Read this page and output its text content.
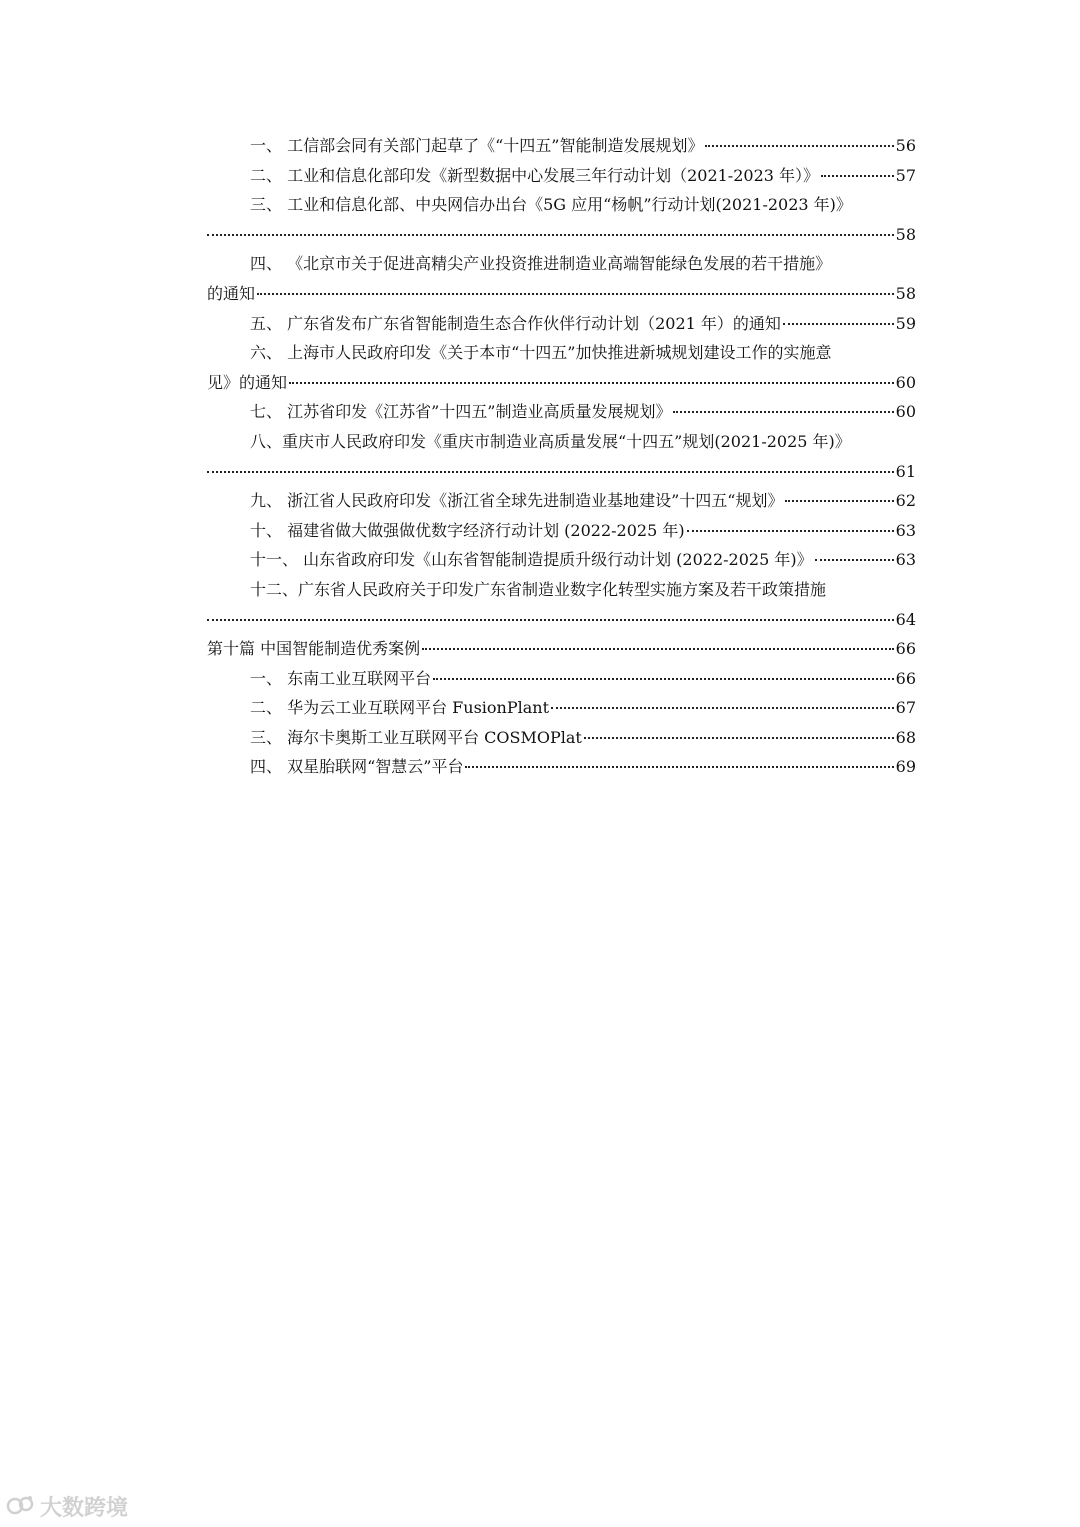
一、 工信部会同有关部门起草了《“十四五”智能制造发展规划》	56
二、 工业和信息化部印发《新型数据中心发展三年行动计划（2021-2023 年）》	57
三、 工业和信息化部、中央网信办出台《5G 应用“杨帆”行动计划(2021-2023 年)》
58
四、 《北京市关于促进高精尖产业投资推进制造业高端智能绿色发展的若干措施》
的通知	58
五、 广东省发布广东省智能制造生态合作伙伴行动计划（2021 年）的通知	59
六、 上海市人民政府印发《关于本市“十四五”加快推进新城规划建设工作的实施意
见》的通知	60
七、 江苏省印发《江苏省”十四五”制造业高质量发展规划》	60
八、重庆市人民政府印发《重庆市制造业高质量发展“十四五”规划(2021-2025 年)》
61
九、 浙江省人民政府印发《浙江省全球先进制造业基地建设”十四五“规划》	62
十、 福建省做大做强做优数字经济行动计划 (2022-2025 年)	63
十一、 山东省政府印发《山东省智能制造提质升级行动计划 (2022-2025 年)》	63
十二、广东省人民政府关于印发广东省制造业数字化转型实施方案及若干政策措施
64
第十篇 中国智能制造优秀案例	66
一、 东南工业互联网平台	66
二、 华为云工业互联网平台 FusionPlant	67
三、 海尔卡奥斯工业互联网平台 COSMOPlat	68
四、 双星胎联网“智慧云”平台	69
大数跨境
